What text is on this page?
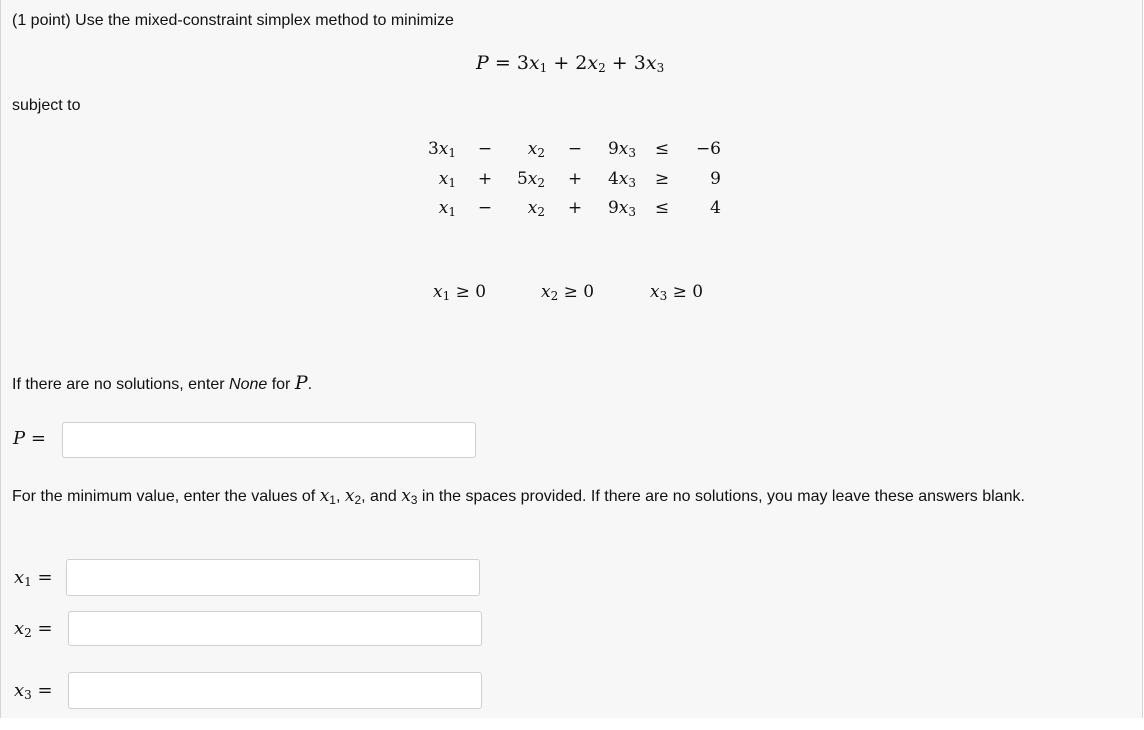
(1 point) Use the mixed-constraint simplex method to minimize
$P = 3x_1 + 2x_2 + 3x_3$
subject to
$3x_1$ −	$x_2$ −	$9x_3$ ≤	−6
$x_1$ +	$5x_2$ +	$4x_3$ ≥	9
$x_1$ −	$x_2$ +	$9x_3$ ≤	4
$x_1 \ge 0$	$x_2 \ge 0$	$x_3 \ge 0$
If there are no solutions, enter None for P.
P =
For the minimum value, enter the values of $x_1$, $x_2$, and $x_3$ in the spaces provided. If there are no solutions, you may leave these answers blank.
$x_1$ =
$x_2$ =
$x_3$ =
